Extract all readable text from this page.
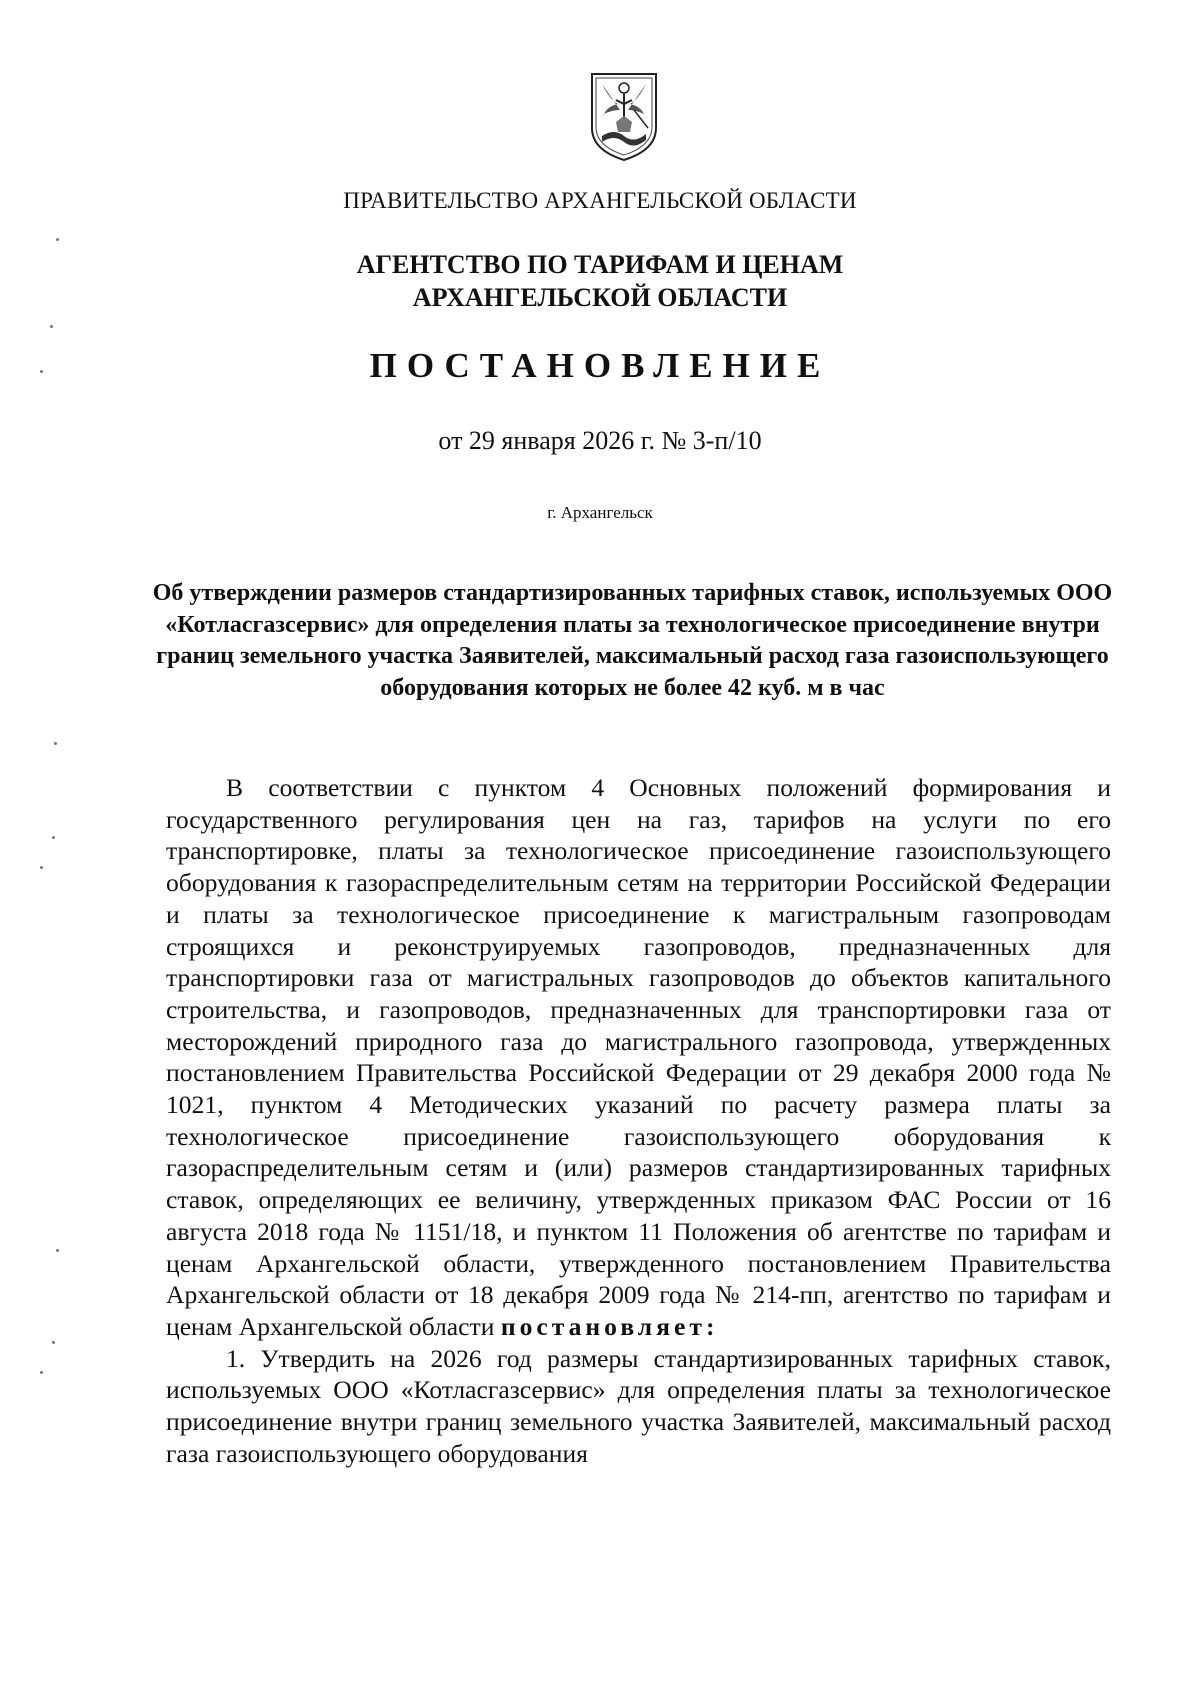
ПРАВИТЕЛЬСТВО АРХАНГЕЛЬСКОЙ ОБЛАСТИ
АГЕНТСТВО ПО ТАРИФАМ И ЦЕНАМ
АРХАНГЕЛЬСКОЙ ОБЛАСТИ
ПОСТАНОВЛЕНИЕ
от 29 января 2026 г. № 3-п/10
г. Архангельск
Об утверждении размеров стандартизированных тарифных ставок, используемых ООО «Котласгазсервис» для определения платы за технологическое присоединение внутри границ земельного участка Заявителей, максимальный расход газа газоиспользующего оборудования которых не более 42 куб. м в час

В соответствии с пунктом 4 Основных положений формирования и государственного регулирования цен на газ, тарифов на услуги по его транспортировке, платы за технологическое присоединение газоиспользующего оборудования к газораспределительным сетям на территории Российской Федерации и платы за технологическое присоединение к магистральным газопроводам строящихся и реконструируемых газопроводов, предназначенных для транспортировки газа от магистральных газопроводов до объектов капитального строительства, и газопроводов, предназначенных для транспортировки газа от месторождений природного газа до магистрального газопровода, утвержденных постановлением Правительства Российской Федерации от 29 декабря 2000 года № 1021, пунктом 4 Методических указаний по расчету размера платы за технологическое присоединение газоиспользующего оборудования к газораспределительным сетям и (или) размеров стандартизированных тарифных ставок, определяющих ее величину, утвержденных приказом ФАС России от 16 августа 2018 года № 1151/18, и пунктом 11 Положения об агентстве по тарифам и ценам Архангельской области, утвержденного постановлением Правительства Архангельской области от 18 декабря 2009 года № 214-пп, агентство по тарифам и ценам Архангельской области постановляет:

1. Утвердить на 2026 год размеры стандартизированных тарифных ставок, используемых ООО «Котласгазсервис» для определения платы за технологическое присоединение внутри границ земельного участка Заявителей, максимальный расход газа газоиспользующего оборудования
